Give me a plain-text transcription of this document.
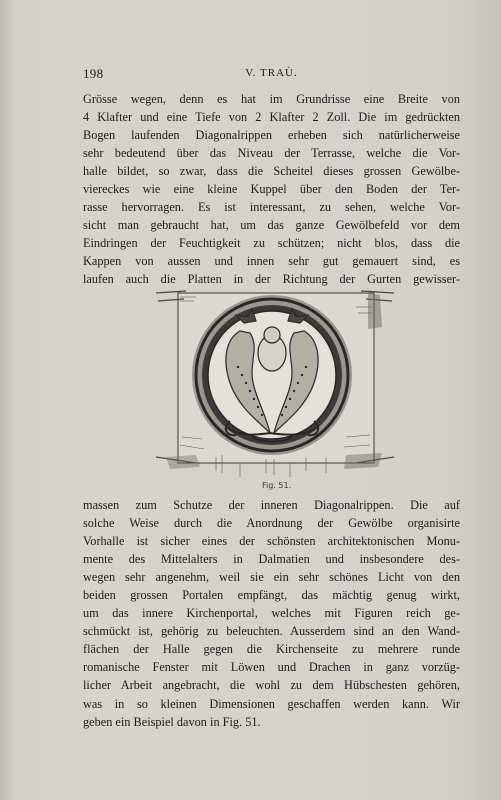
198	V. TRAÙ.

Grösse wegen, denn es hat im Grundrisse eine Breite von
4 Klafter und eine Tiefe von 2 Klafter 2 Zoll. Die im gedrückten
Bogen laufenden Diagonalrippen erheben sich natürlicherweise
sehr bedeutend über das Niveau der Terrasse, welche die Vor-
halle bildet, so zwar, dass die Scheitel dieses grossen Gewölbe-
viereckes wie eine kleine Kuppel über den Boden der Ter-
rasse hervorragen. Es ist interessant, zu sehen, welche Vor-
sicht man gebraucht hat, um das ganze Gewölbefeld vor dem
Eindringen der Feuchtigkeit zu schützen; nicht blos, dass die
Kappen von aussen und innen sehr gut gemauert sind, es
laufen auch die Platten in der Richtung der Gurten gewisser-

Fig. 51.

massen zum Schutze der inneren Diagonalrippen. Die auf
solche Weise durch die Anordnung der Gewölbe organisirte
Vorhalle ist sicher eines der schönsten architektonischen Monu-
mente des Mittelalters in Dalmatien und insbesondere des-
wegen sehr angenehm, weil sie ein sehr schönes Licht von den
beiden grossen Portalen empfängt, das mächtig genug wirkt,
um das innere Kirchenportal, welches mit Figuren reich ge-
schmückt ist, gehörig zu beleuchten. Ausserdem sind an den Wand-
flächen der Halle gegen die Kirchenseite zu mehrere runde
romanische Fenster mit Löwen und Drachen in ganz vorzüg-
licher Arbeit angebracht, die wohl zu dem Hübschesten gehören,
was in so kleinen Dimensionen geschaffen werden kann. Wir
geben ein Beispiel davon in Fig. 51.
